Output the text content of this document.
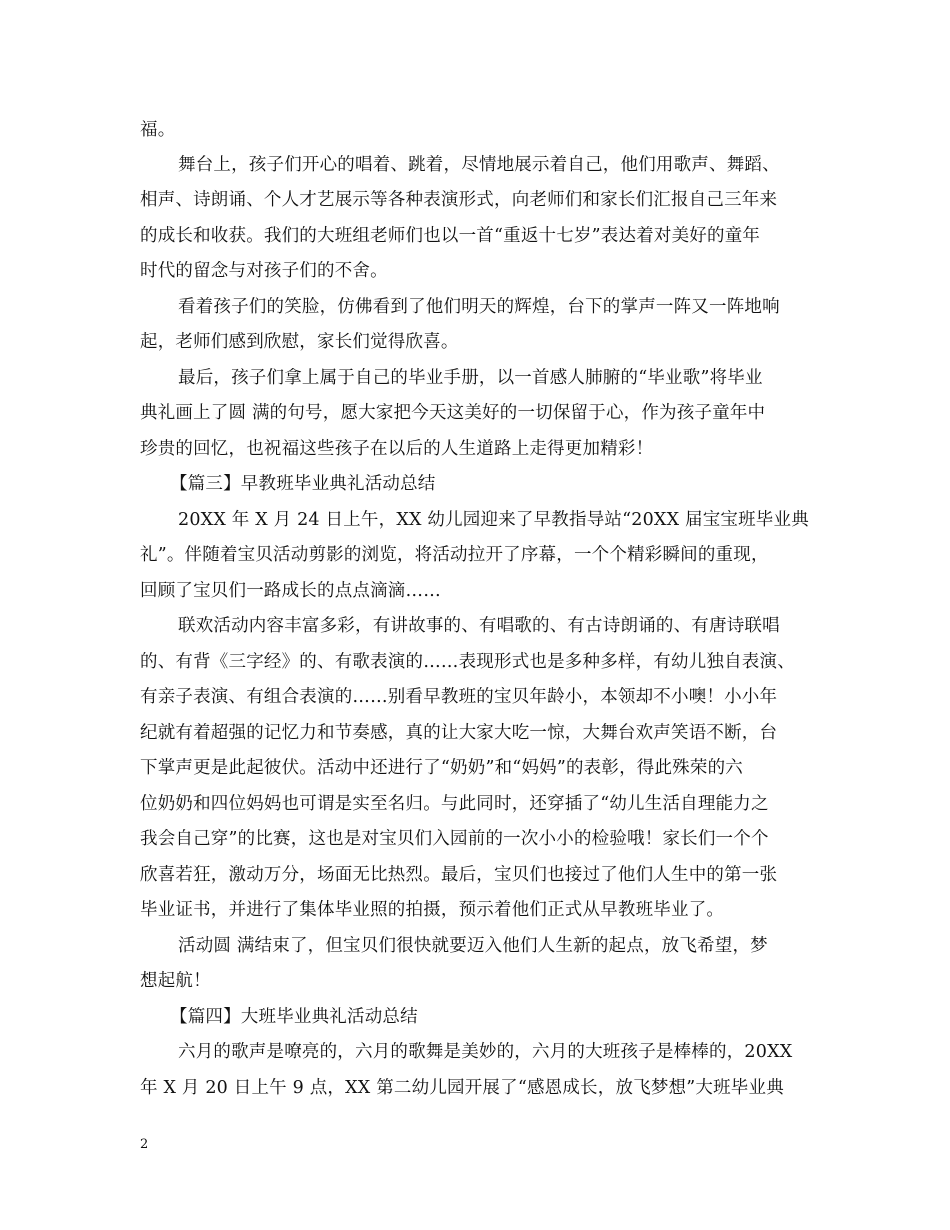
福。
舞台上，孩子们开心的唱着、跳着，尽情地展示着自己，他们用歌声、舞蹈、
相声、诗朗诵、个人才艺展示等各种表演形式，向老师们和家长们汇报自己三年来
的成长和收获。我们的大班组老师们也以一首“重返十七岁”表达着对美好的童年
时代的留念与对孩子们的不舍。
看着孩子们的笑脸，仿佛看到了他们明天的辉煌，台下的掌声一阵又一阵地响
起，老师们感到欣慰，家长们觉得欣喜。
最后，孩子们拿上属于自己的毕业手册，以一首感人肺腑的“毕业歌”将毕业
典礼画上了圆 满的句号，愿大家把今天这美好的一切保留于心，作为孩子童年中
珍贵的回忆，也祝福这些孩子在以后的人生道路上走得更加精彩！
【篇三】早教班毕业典礼活动总结
20XX 年 X 月 24 日上午，XX 幼儿园迎来了早教指导站“20XX 届宝宝班毕业典
礼”。伴随着宝贝活动剪影的浏览，将活动拉开了序幕，一个个精彩瞬间的重现，
回顾了宝贝们一路成长的点点滴滴……
联欢活动内容丰富多彩，有讲故事的、有唱歌的、有古诗朗诵的、有唐诗联唱
的、有背《三字经》的、有歌表演的……表现形式也是多种多样，有幼儿独自表演、
有亲子表演、有组合表演的……别看早教班的宝贝年龄小，本领却不小噢！小小年
纪就有着超强的记忆力和节奏感，真的让大家大吃一惊，大舞台欢声笑语不断，台
下掌声更是此起彼伏。活动中还进行了“奶奶”和“妈妈”的表彰，得此殊荣的六
位奶奶和四位妈妈也可谓是实至名归。与此同时，还穿插了“幼儿生活自理能力之
我会自己穿”的比赛，这也是对宝贝们入园前的一次小小的检验哦！家长们一个个
欣喜若狂，激动万分，场面无比热烈。最后，宝贝们也接过了他们人生中的第一张
毕业证书，并进行了集体毕业照的拍摄，预示着他们正式从早教班毕业了。
活动圆 满结束了，但宝贝们很快就要迈入他们人生新的起点，放飞希望，梦
想起航！
【篇四】大班毕业典礼活动总结
六月的歌声是嘹亮的，六月的歌舞是美妙的，六月的大班孩子是棒棒的，20XX
年 X 月 20 日上午 9 点，XX 第二幼儿园开展了“感恩成长，放飞梦想”大班毕业典
2
